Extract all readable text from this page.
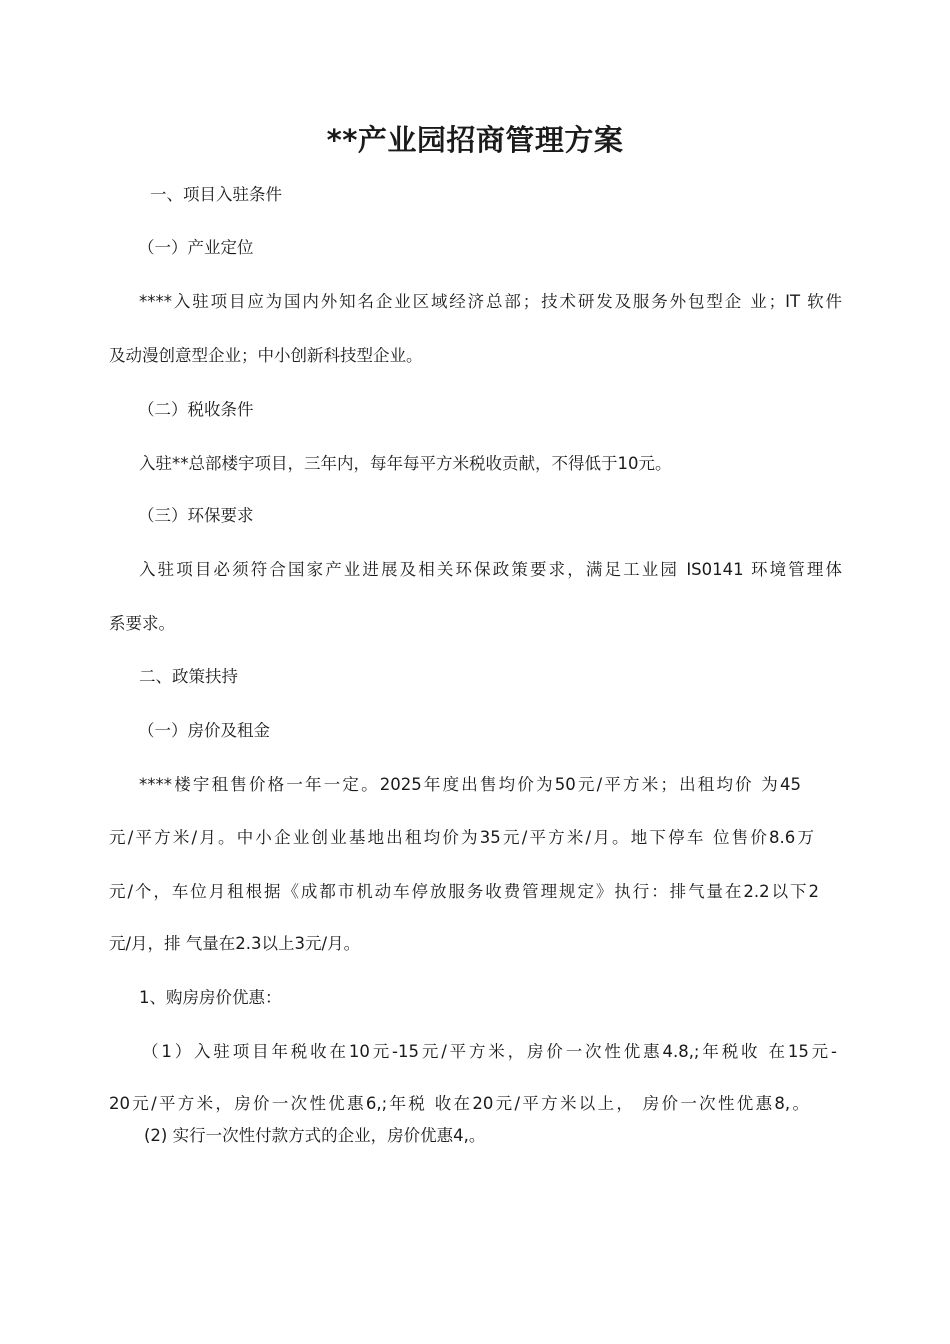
**产业园招商管理方案
一、项目入驻条件
（一）产业定位
****入驻项目应为国内外知名企业区域经济总部；技术研发及服务外包型企 业；IT 软件
及动漫创意型企业；中小创新科技型企业。
（二）税收条件
入驻**总部楼宇项目，三年内，每年每平方米税收贡献，不得低于10元。
（三）环保要求
入驻项目必须符合国家产业进展及相关环保政策要求，满足工业园 IS0141 环境管理体
系要求。
二、政策扶持
（一）房价及租金
****楼宇租售价格一年一定。2025年度出售均价为50元/平方米；出租均价 为45
元/平方米/月。中小企业创业基地出租均价为35元/平方米/月。地下停车 位售价8.6万
元/个，车位月租根据《成都市机动车停放服务收费管理规定》执行：排气量在2.2以下2
元/月，排 气量在2.3以上3元/月。
1、购房房价优惠：
（1）入驻项目年税收在10元-15元/平方米，房价一次性优惠4.8,;年税收 在15元-
20元/平方米，房价一次性优惠6,;年税 收在20元/平方米以上， 房价一次性优惠8,。
(2) 实行一次性付款方式的企业，房价优惠4,。
